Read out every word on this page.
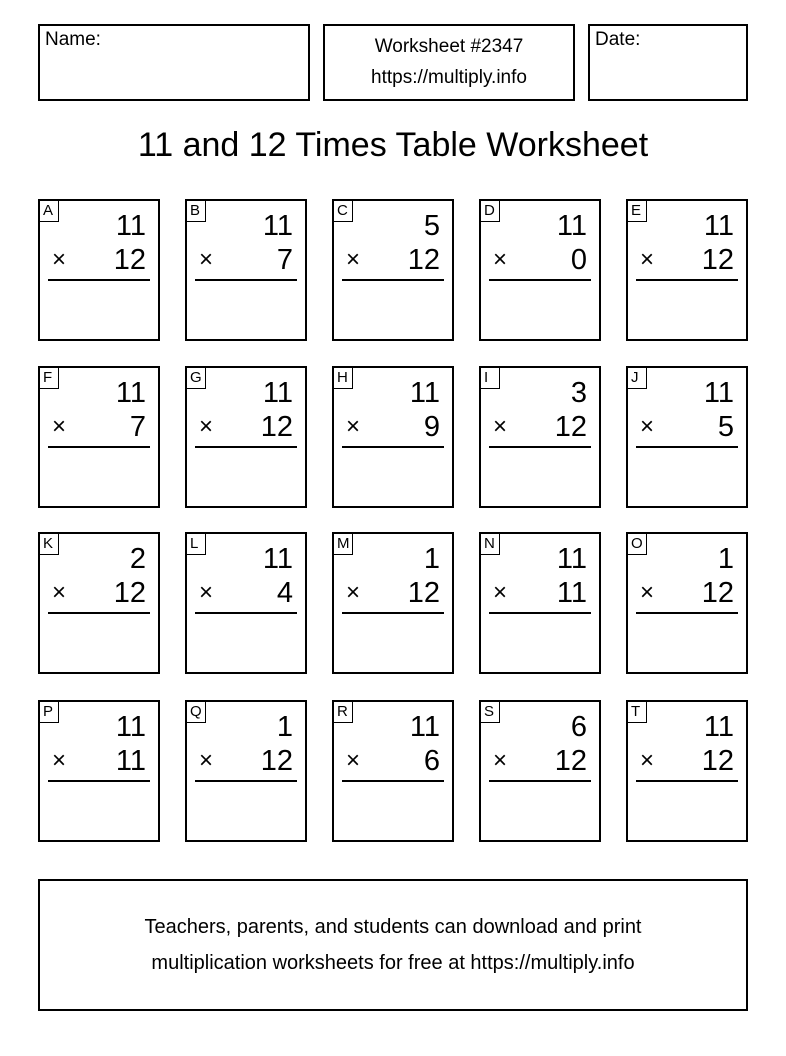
Name:	Worksheet #2347
https://multiply.info
Date:
11 and 12 Times Table Worksheet
A 11
× 12
B 11
× 7
C	5
× 12
D 11
× 0
E 11
× 12
F 11
× 7
G 11
× 12
H 11
× 9
I	3
× 12
J 11
× 5
K	2
× 12
L 11
× 4
M	1
× 12
N 11
× 11
O	1
× 12
P 11
× 11
Q	1
× 12
R 11
× 6
S	6
× 12
T 11
× 12
Teachers, parents, and students can download and print
multiplication worksheets for free at https://multiply.info
